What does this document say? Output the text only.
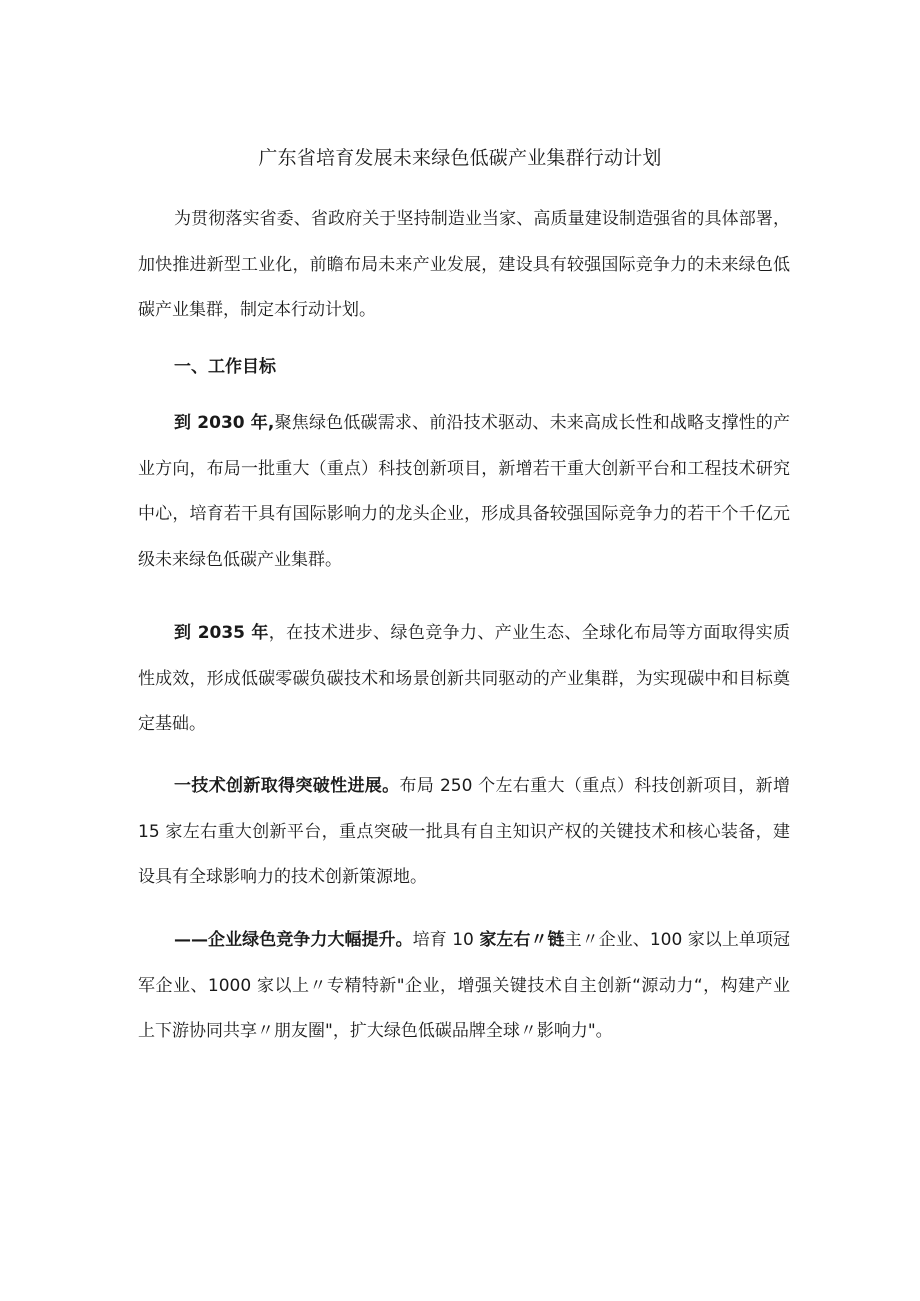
广东省培育发展未来绿色低碳产业集群行动计划

为贯彻落实省委、省政府关于坚持制造业当家、高质量建设制造强省的具体部署，加快推进新型工业化，前瞻布局未来产业发展，建设具有较强国际竞争力的未来绿色低碳产业集群，制定本行动计划。

一、工作目标

到 2030 年,聚焦绿色低碳需求、前沿技术驱动、未来高成长性和战略支撑性的产业方向，布局一批重大（重点）科技创新项目，新增若干重大创新平台和工程技术研究中心，培育若干具有国际影响力的龙头企业，形成具备较强国际竞争力的若干个千亿元级未来绿色低碳产业集群。

到 2035 年，在技术进步、绿色竞争力、产业生态、全球化布局等方面取得实质性成效，形成低碳零碳负碳技术和场景创新共同驱动的产业集群，为实现碳中和目标奠定基础。

一技术创新取得突破性进展。布局 250 个左右重大（重点）科技创新项目，新增 15 家左右重大创新平台，重点突破一批具有自主知识产权的关键技术和核心装备，建设具有全球影响力的技术创新策源地。

——企业绿色竞争力大幅提升。培育 10 家左右〃链主〃企业、100 家以上单项冠军企业、1000 家以上〃专精特新"企业，增强关键技术自主创新“源动力“，构建产业上下游协同共享〃朋友圈"，扩大绿色低碳品牌全球〃影响力"。
